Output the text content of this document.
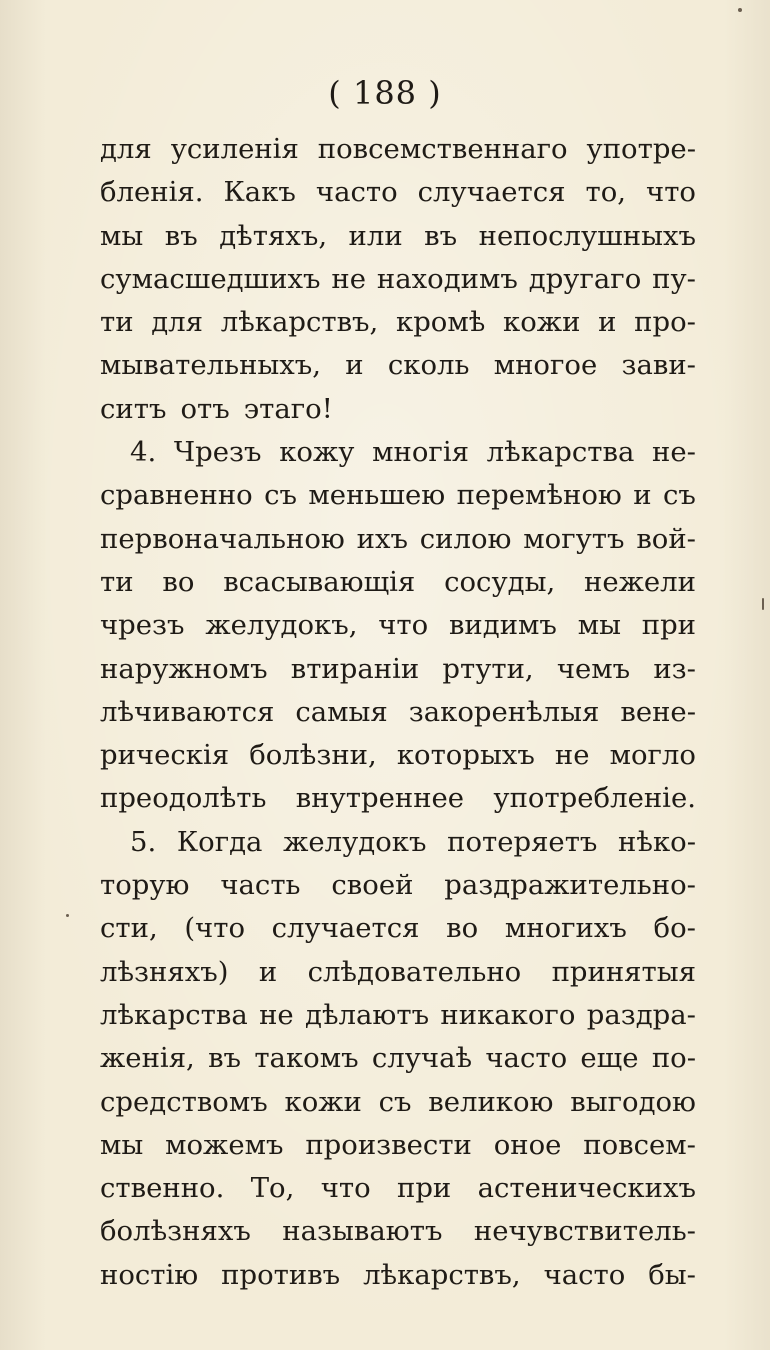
( 188 )
для усиленія повсемственнаго употре-
бленія. Какъ часто случается то, что
мы въ дѣтяхъ, или въ непослушныхъ
сумасшедшихъ не находимъ другаго пу-
ти для лѣкарствъ, кромѣ кожи и про-
мывательныхъ, и сколь многое зави-
ситъ отъ этаго!
4. Чрезъ кожу многія лѣкарства не-
сравненно съ меньшею перемѣною и съ
первоначальною ихъ силою могутъ вой-
ти во всасывающія сосуды, нежели
чрезъ желудокъ, что видимъ мы при
наружномъ втираніи ртути, чемъ из-
лѣчиваются самыя закоренѣлыя вене-
рическія болѣзни, которыхъ не могло
преодолѣть внутреннее употребленіе.
5. Когда желудокъ потеряетъ нѣко-
торую часть своей раздражительно-
сти, (что случается во многихъ бо-
лѣзняхъ) и слѣдовательно принятыя
лѣкарства не дѣлаютъ никакого раздра-
женія, въ такомъ случаѣ часто еще по-
средствомъ кожи съ великою выгодою
мы можемъ произвести оное повсем-
ственно. То, что при астеническихъ
болѣзняхъ называютъ нечувствитель-
ностію противъ лѣкарствъ, часто бы-
